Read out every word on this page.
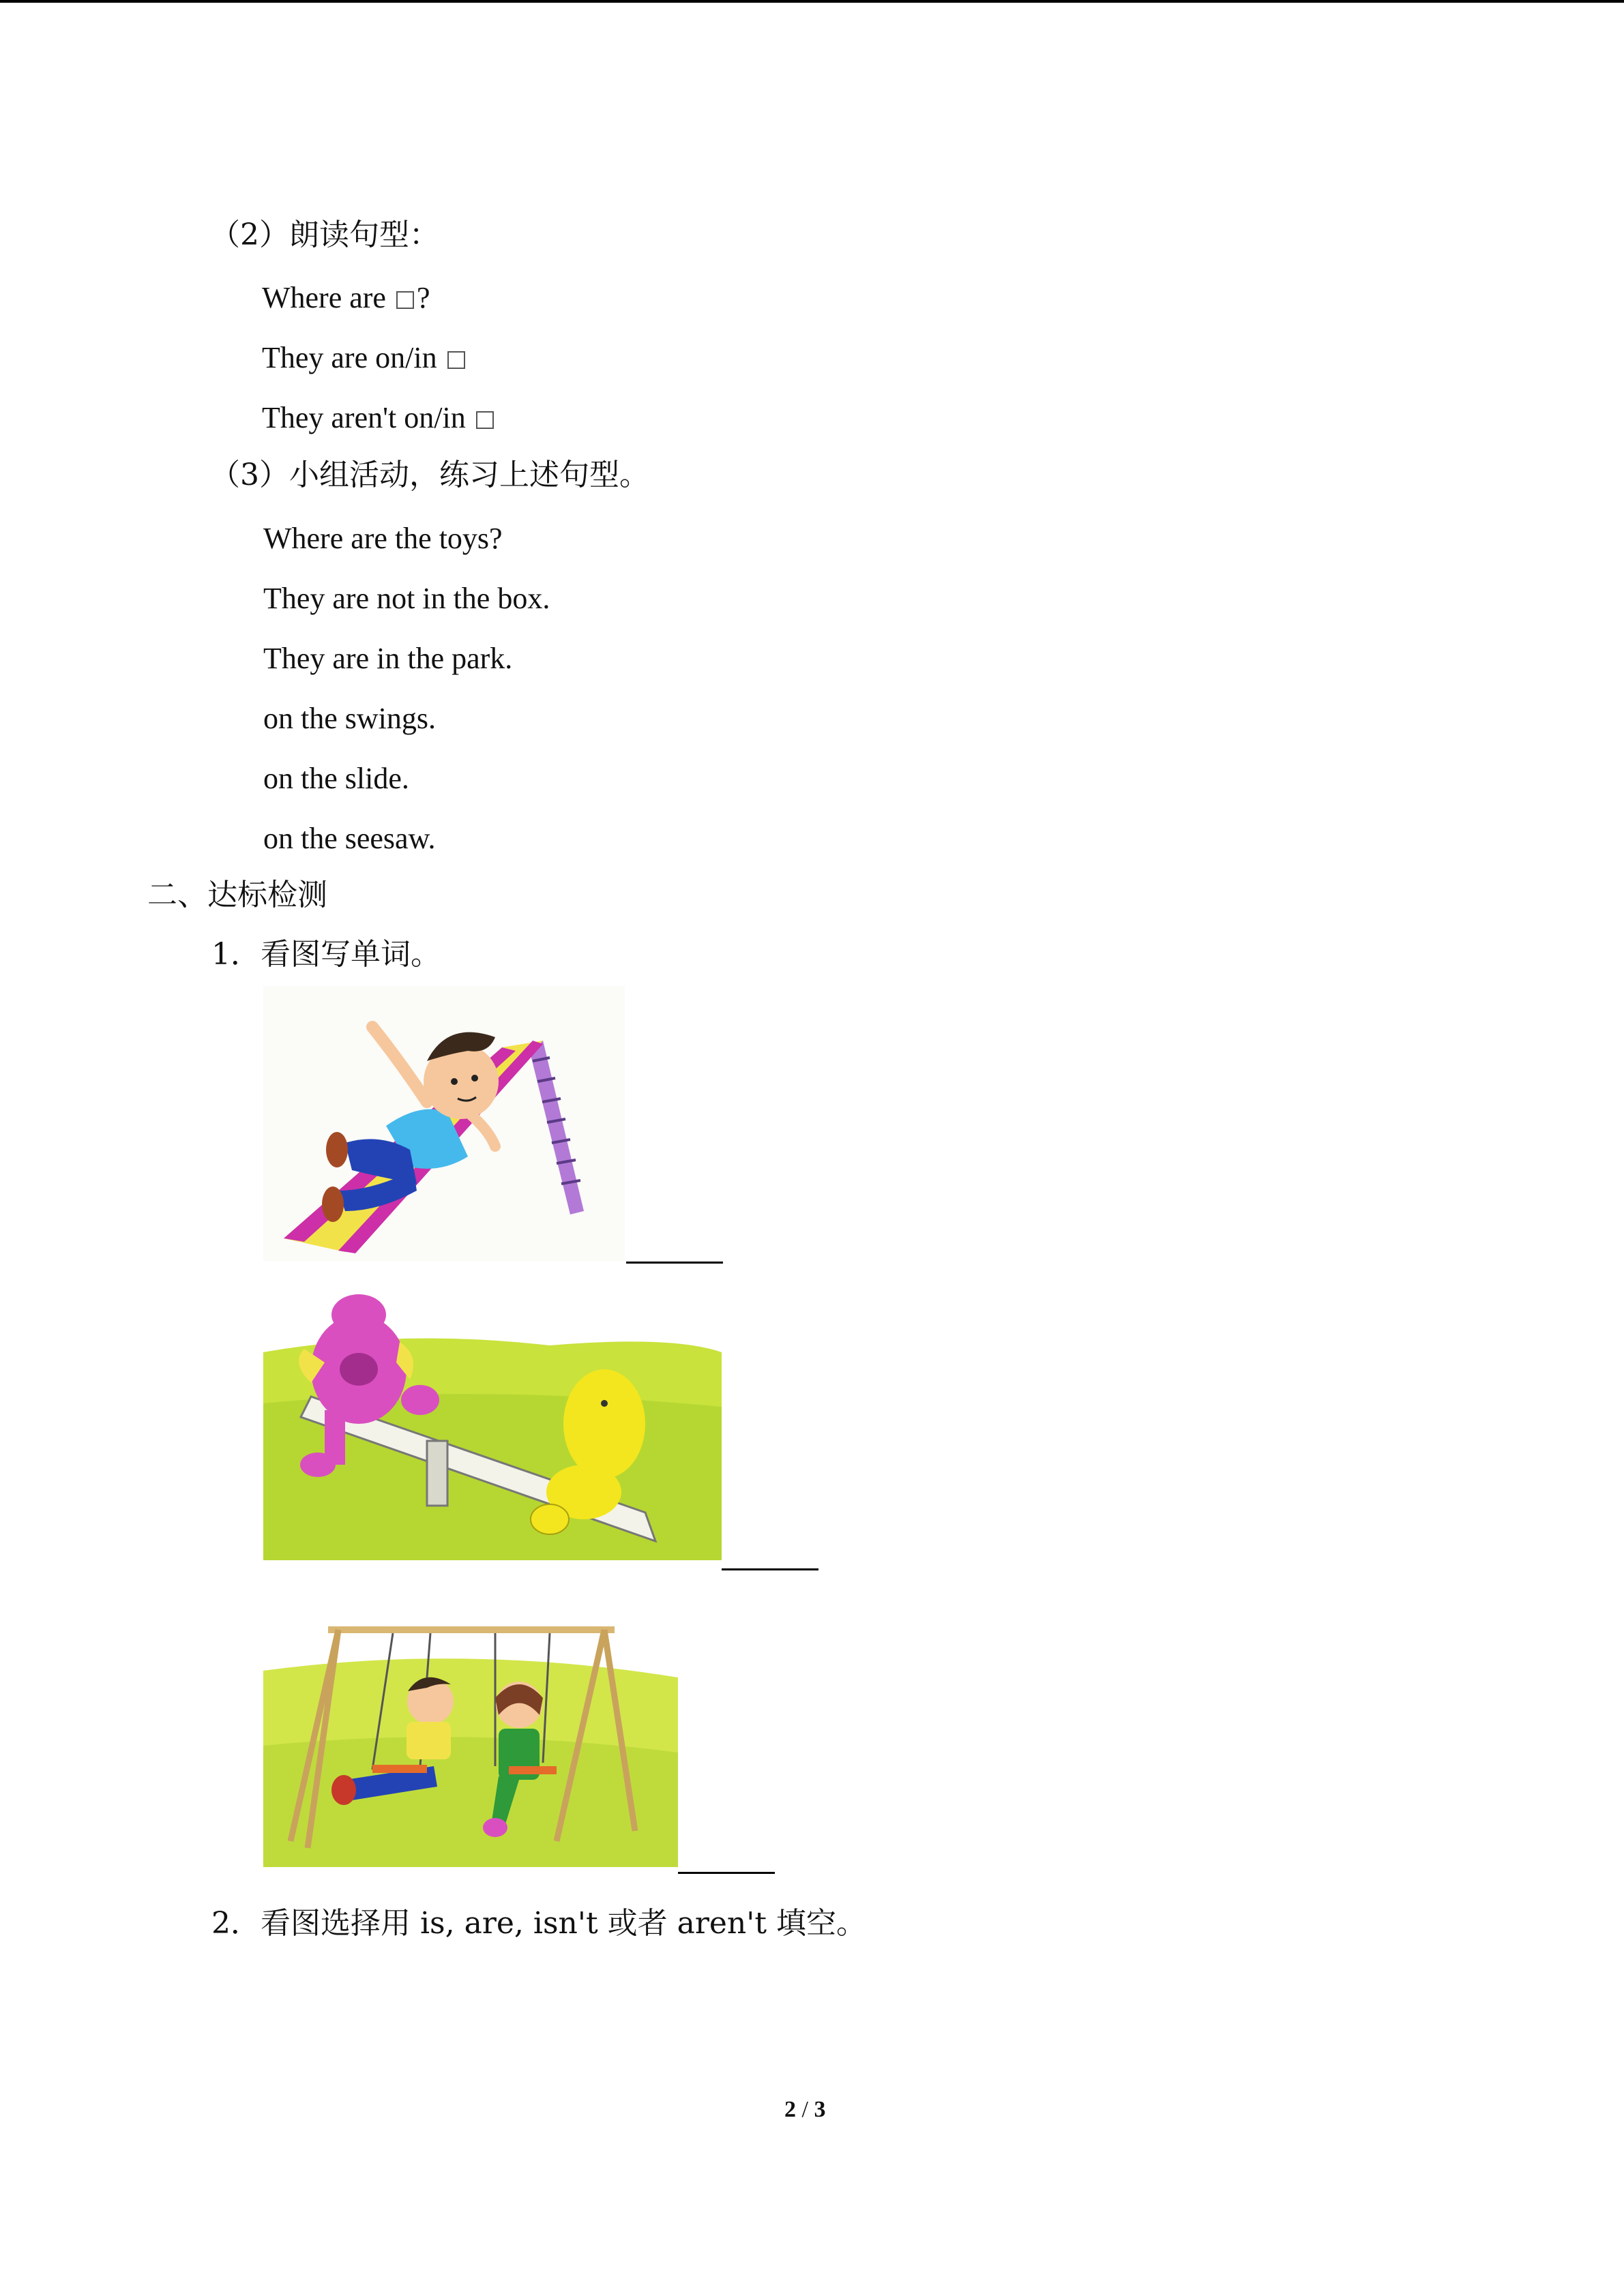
（2）朗读句型：
Where are ?
They are on/in
They aren't on/in
（3）小组活动，练习上述句型。
Where are the toys?
They are not in the box.
They are in the park.
on the swings.
on the slide.
on the seesaw.
二、达标检测
1．看图写单词。
2．看图选择用 is, are, isn't 或者 aren't 填空。
2 / 3
